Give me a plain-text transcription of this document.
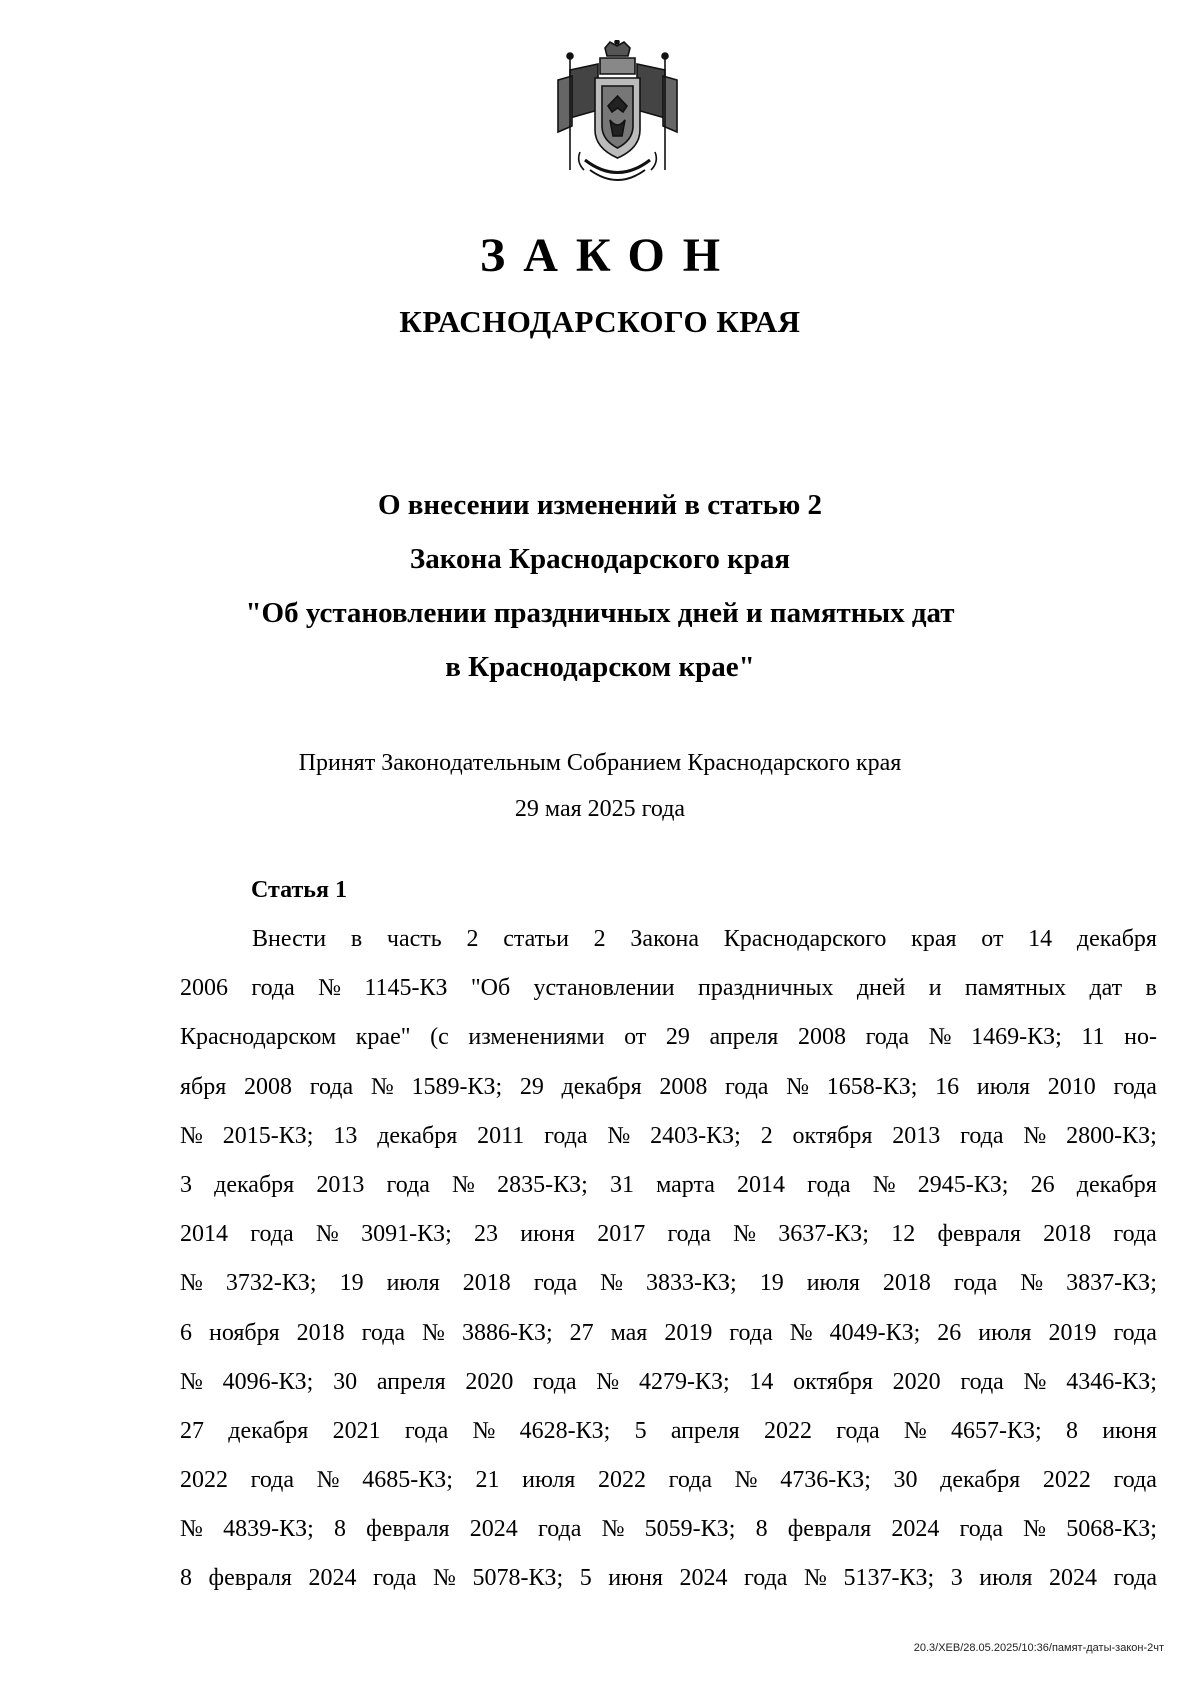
ЗАКОН
КРАСНОДАРСКОГО КРАЯ
О внесении изменений в статью 2
Закона Краснодарского края
"Об установлении праздничных дней и памятных дат
в Краснодарском крае"
Принят Законодательным Собранием Краснодарского края
29 мая 2025 года
Статья 1
Внести в часть 2 статьи 2 Закона Краснодарского края от 14 декабря
2006 года № 1145-КЗ "Об установлении праздничных дней и памятных дат в
Краснодарском крае" (с изменениями от 29 апреля 2008 года № 1469-КЗ; 11 но-
ября 2008 года № 1589-КЗ; 29 декабря 2008 года № 1658-КЗ; 16 июля 2010 года
№ 2015-КЗ; 13 декабря 2011 года № 2403-КЗ; 2 октября 2013 года № 2800-КЗ;
3 декабря 2013 года № 2835-КЗ; 31 марта 2014 года № 2945-КЗ; 26 декабря
2014 года № 3091-КЗ; 23 июня 2017 года № 3637-КЗ; 12 февраля 2018 года
№ 3732-КЗ; 19 июля 2018 года № 3833-КЗ; 19 июля 2018 года № 3837-КЗ;
6 ноября 2018 года № 3886-КЗ; 27 мая 2019 года № 4049-КЗ; 26 июля 2019 года
№ 4096-КЗ; 30 апреля 2020 года № 4279-КЗ; 14 октября 2020 года № 4346-КЗ;
27 декабря 2021 года № 4628-КЗ; 5 апреля 2022 года № 4657-КЗ; 8 июня
2022 года № 4685-КЗ; 21 июля 2022 года № 4736-КЗ; 30 декабря 2022 года
№ 4839-КЗ; 8 февраля 2024 года № 5059-КЗ; 8 февраля 2024 года № 5068-КЗ;
8 февраля 2024 года № 5078-КЗ; 5 июня 2024 года № 5137-КЗ; 3 июля 2024 года
20.3/ХЕВ/28.05.2025/10:36/памят-даты-закон-2чт
